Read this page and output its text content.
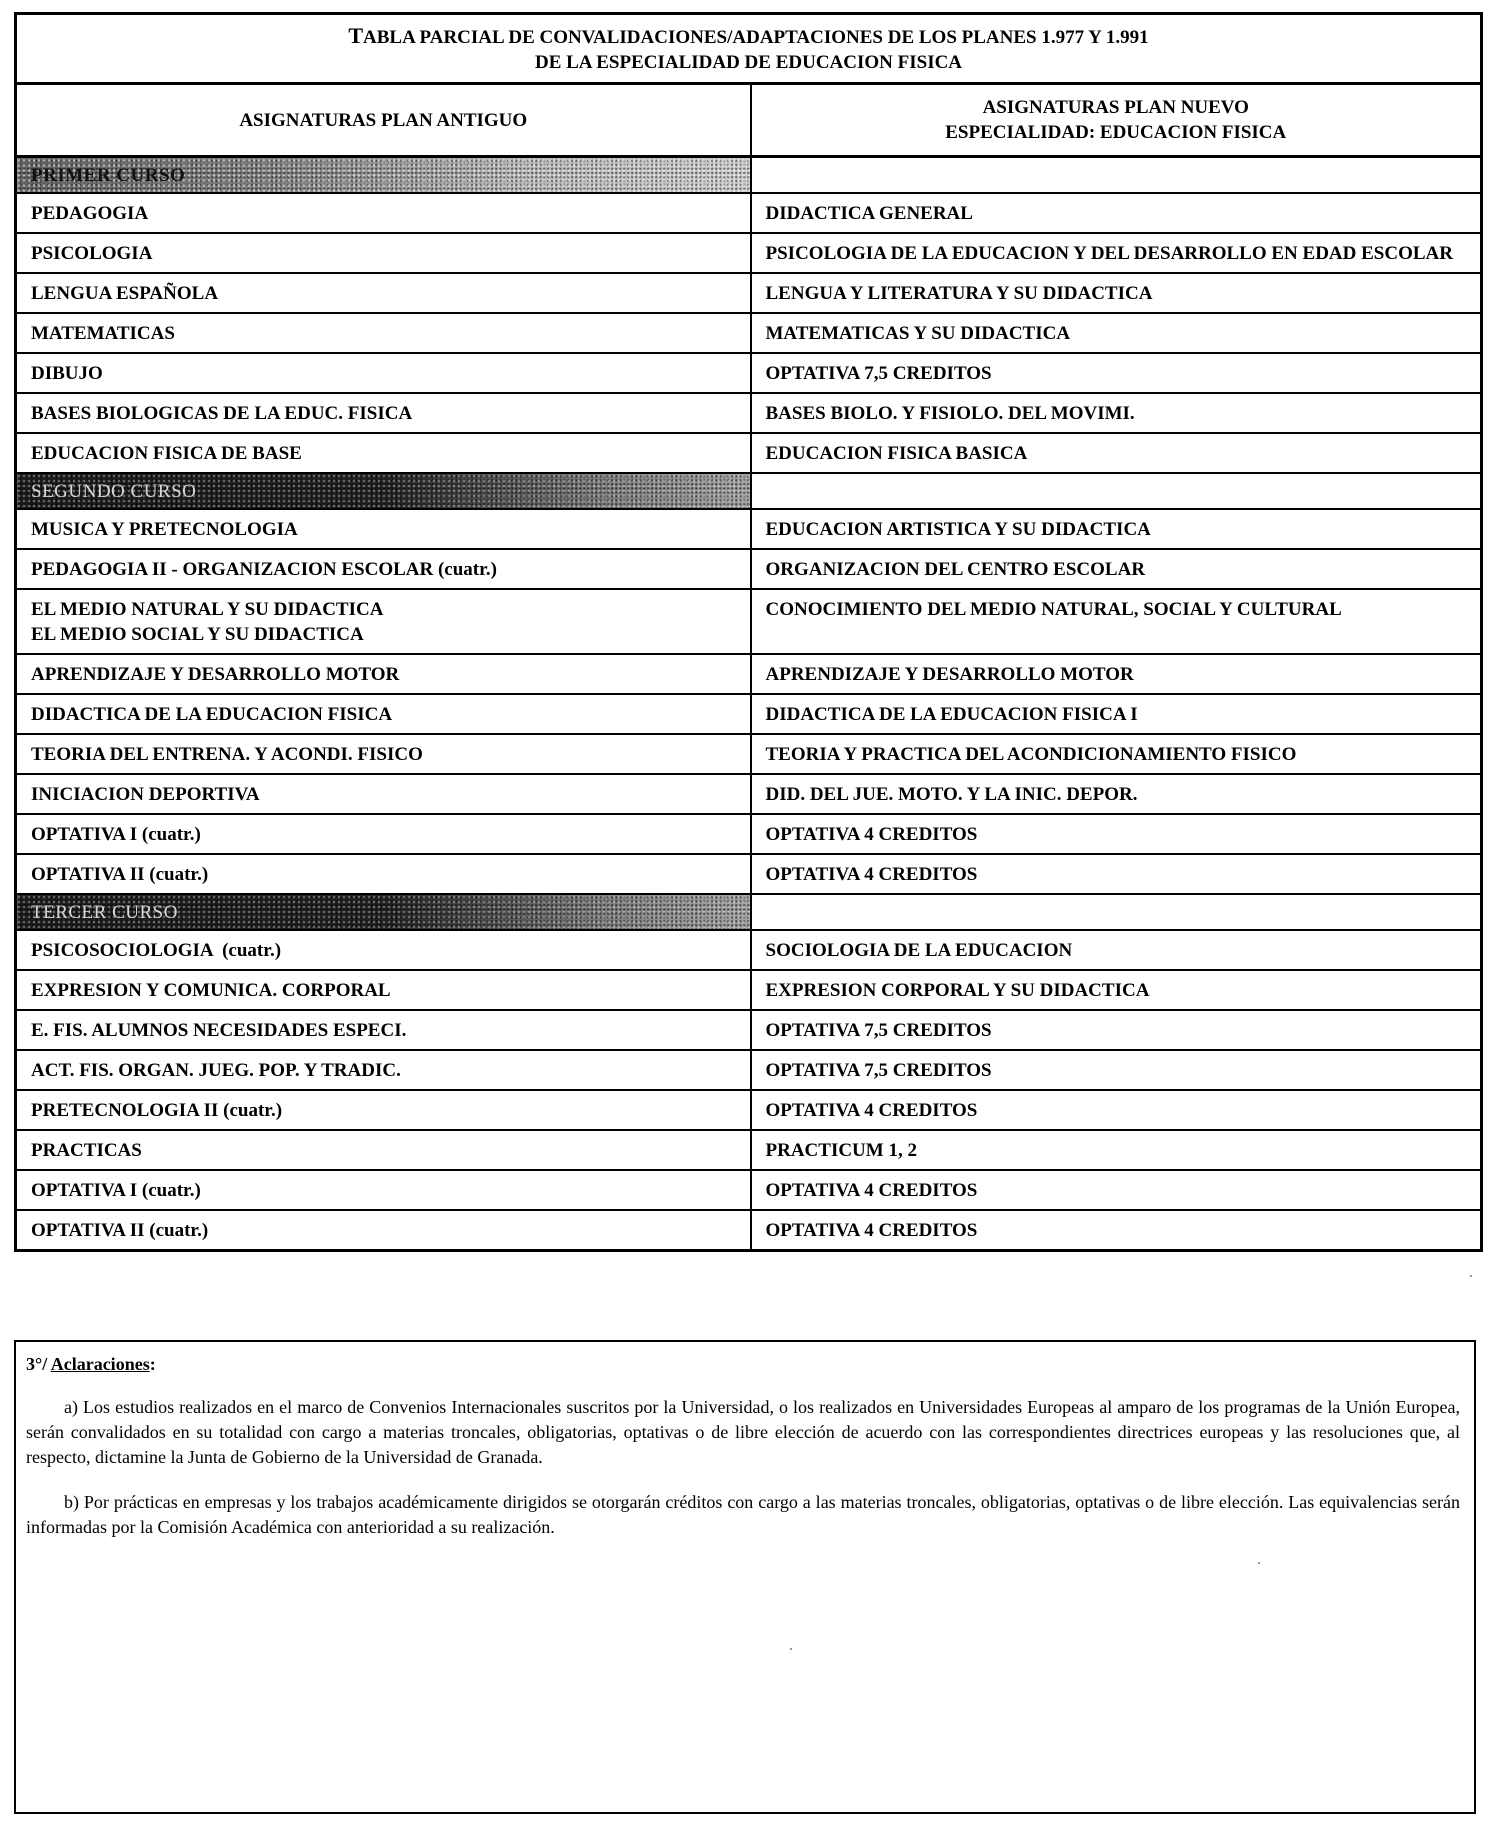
TABLA PARCIAL DE CONVALIDACIONES/ADAPTACIONES DE LOS PLANES 1.977 Y 1.991
DE LA ESPECIALIDAD DE EDUCACION FISICA	
ASIGNATURAS PLAN ANTIGUO	ASIGNATURAS PLAN NUEVO
ESPECIALIDAD: EDUCACION FISICA
PRIMER CURSO	
PEDAGOGIA	DIDACTICA GENERAL
PSICOLOGIA	PSICOLOGIA DE LA EDUCACION Y DEL DESARROLLO EN EDAD ESCOLAR
LENGUA ESPAÑOLA	LENGUA Y LITERATURA Y SU DIDACTICA
MATEMATICAS	MATEMATICAS Y SU DIDACTICA
DIBUJO	OPTATIVA 7,5 CREDITOS
BASES BIOLOGICAS DE LA EDUC. FISICA	BASES BIOLO. Y FISIOLO. DEL MOVIMI.
EDUCACION FISICA DE BASE	EDUCACION FISICA BASICA
SEGUNDO CURSO	
MUSICA Y PRETECNOLOGIA	EDUCACION ARTISTICA Y SU DIDACTICA
PEDAGOGIA II - ORGANIZACION ESCOLAR (cuatr.)	ORGANIZACION DEL CENTRO ESCOLAR
EL MEDIO NATURAL Y SU DIDACTICA
EL MEDIO SOCIAL Y SU DIDACTICA	CONOCIMIENTO DEL MEDIO NATURAL, SOCIAL Y CULTURAL
APRENDIZAJE Y DESARROLLO MOTOR	APRENDIZAJE Y DESARROLLO MOTOR
DIDACTICA DE LA EDUCACION FISICA	DIDACTICA DE LA EDUCACION FISICA I
TEORIA DEL ENTRENA. Y ACONDI. FISICO	TEORIA Y PRACTICA DEL ACONDICIONAMIENTO FISICO
INICIACION DEPORTIVA	DID. DEL JUE. MOTO. Y LA INIC. DEPOR.
OPTATIVA I (cuatr.)	OPTATIVA 4 CREDITOS
OPTATIVA II (cuatr.)	OPTATIVA 4 CREDITOS
TERCER CURSO	
PSICOSOCIOLOGIA  (cuatr.)	SOCIOLOGIA DE LA EDUCACION
EXPRESION Y COMUNICA. CORPORAL	EXPRESION CORPORAL Y SU DIDACTICA
E. FIS. ALUMNOS NECESIDADES ESPECI.	OPTATIVA 7,5 CREDITOS
ACT. FIS. ORGAN. JUEG. POP. Y TRADIC.	OPTATIVA 7,5 CREDITOS
PRETECNOLOGIA II (cuatr.)	OPTATIVA 4 CREDITOS
PRACTICAS	PRACTICUM 1, 2
OPTATIVA I (cuatr.)	OPTATIVA 4 CREDITOS
OPTATIVA II (cuatr.)	OPTATIVA 4 CREDITOS
3°/ Aclaraciones:

a) Los estudios realizados en el marco de Convenios Internacionales suscritos por la Universidad, o los realizados en Universidades Europeas al amparo de los programas de la Unión Europea, serán convalidados en su totalidad con cargo a materias troncales, obligatorias, optativas o de libre elección de acuerdo con las correspondientes directrices europeas y las resoluciones que, al respecto, dictamine la Junta de Gobierno de la Universidad de Granada.

b) Por prácticas en empresas y los trabajos académicamente dirigidos se otorgarán créditos con cargo a las materias troncales, obligatorias, optativas o de libre elección. Las equivalencias serán informadas por la Comisión Académica con anterioridad a su realización.
